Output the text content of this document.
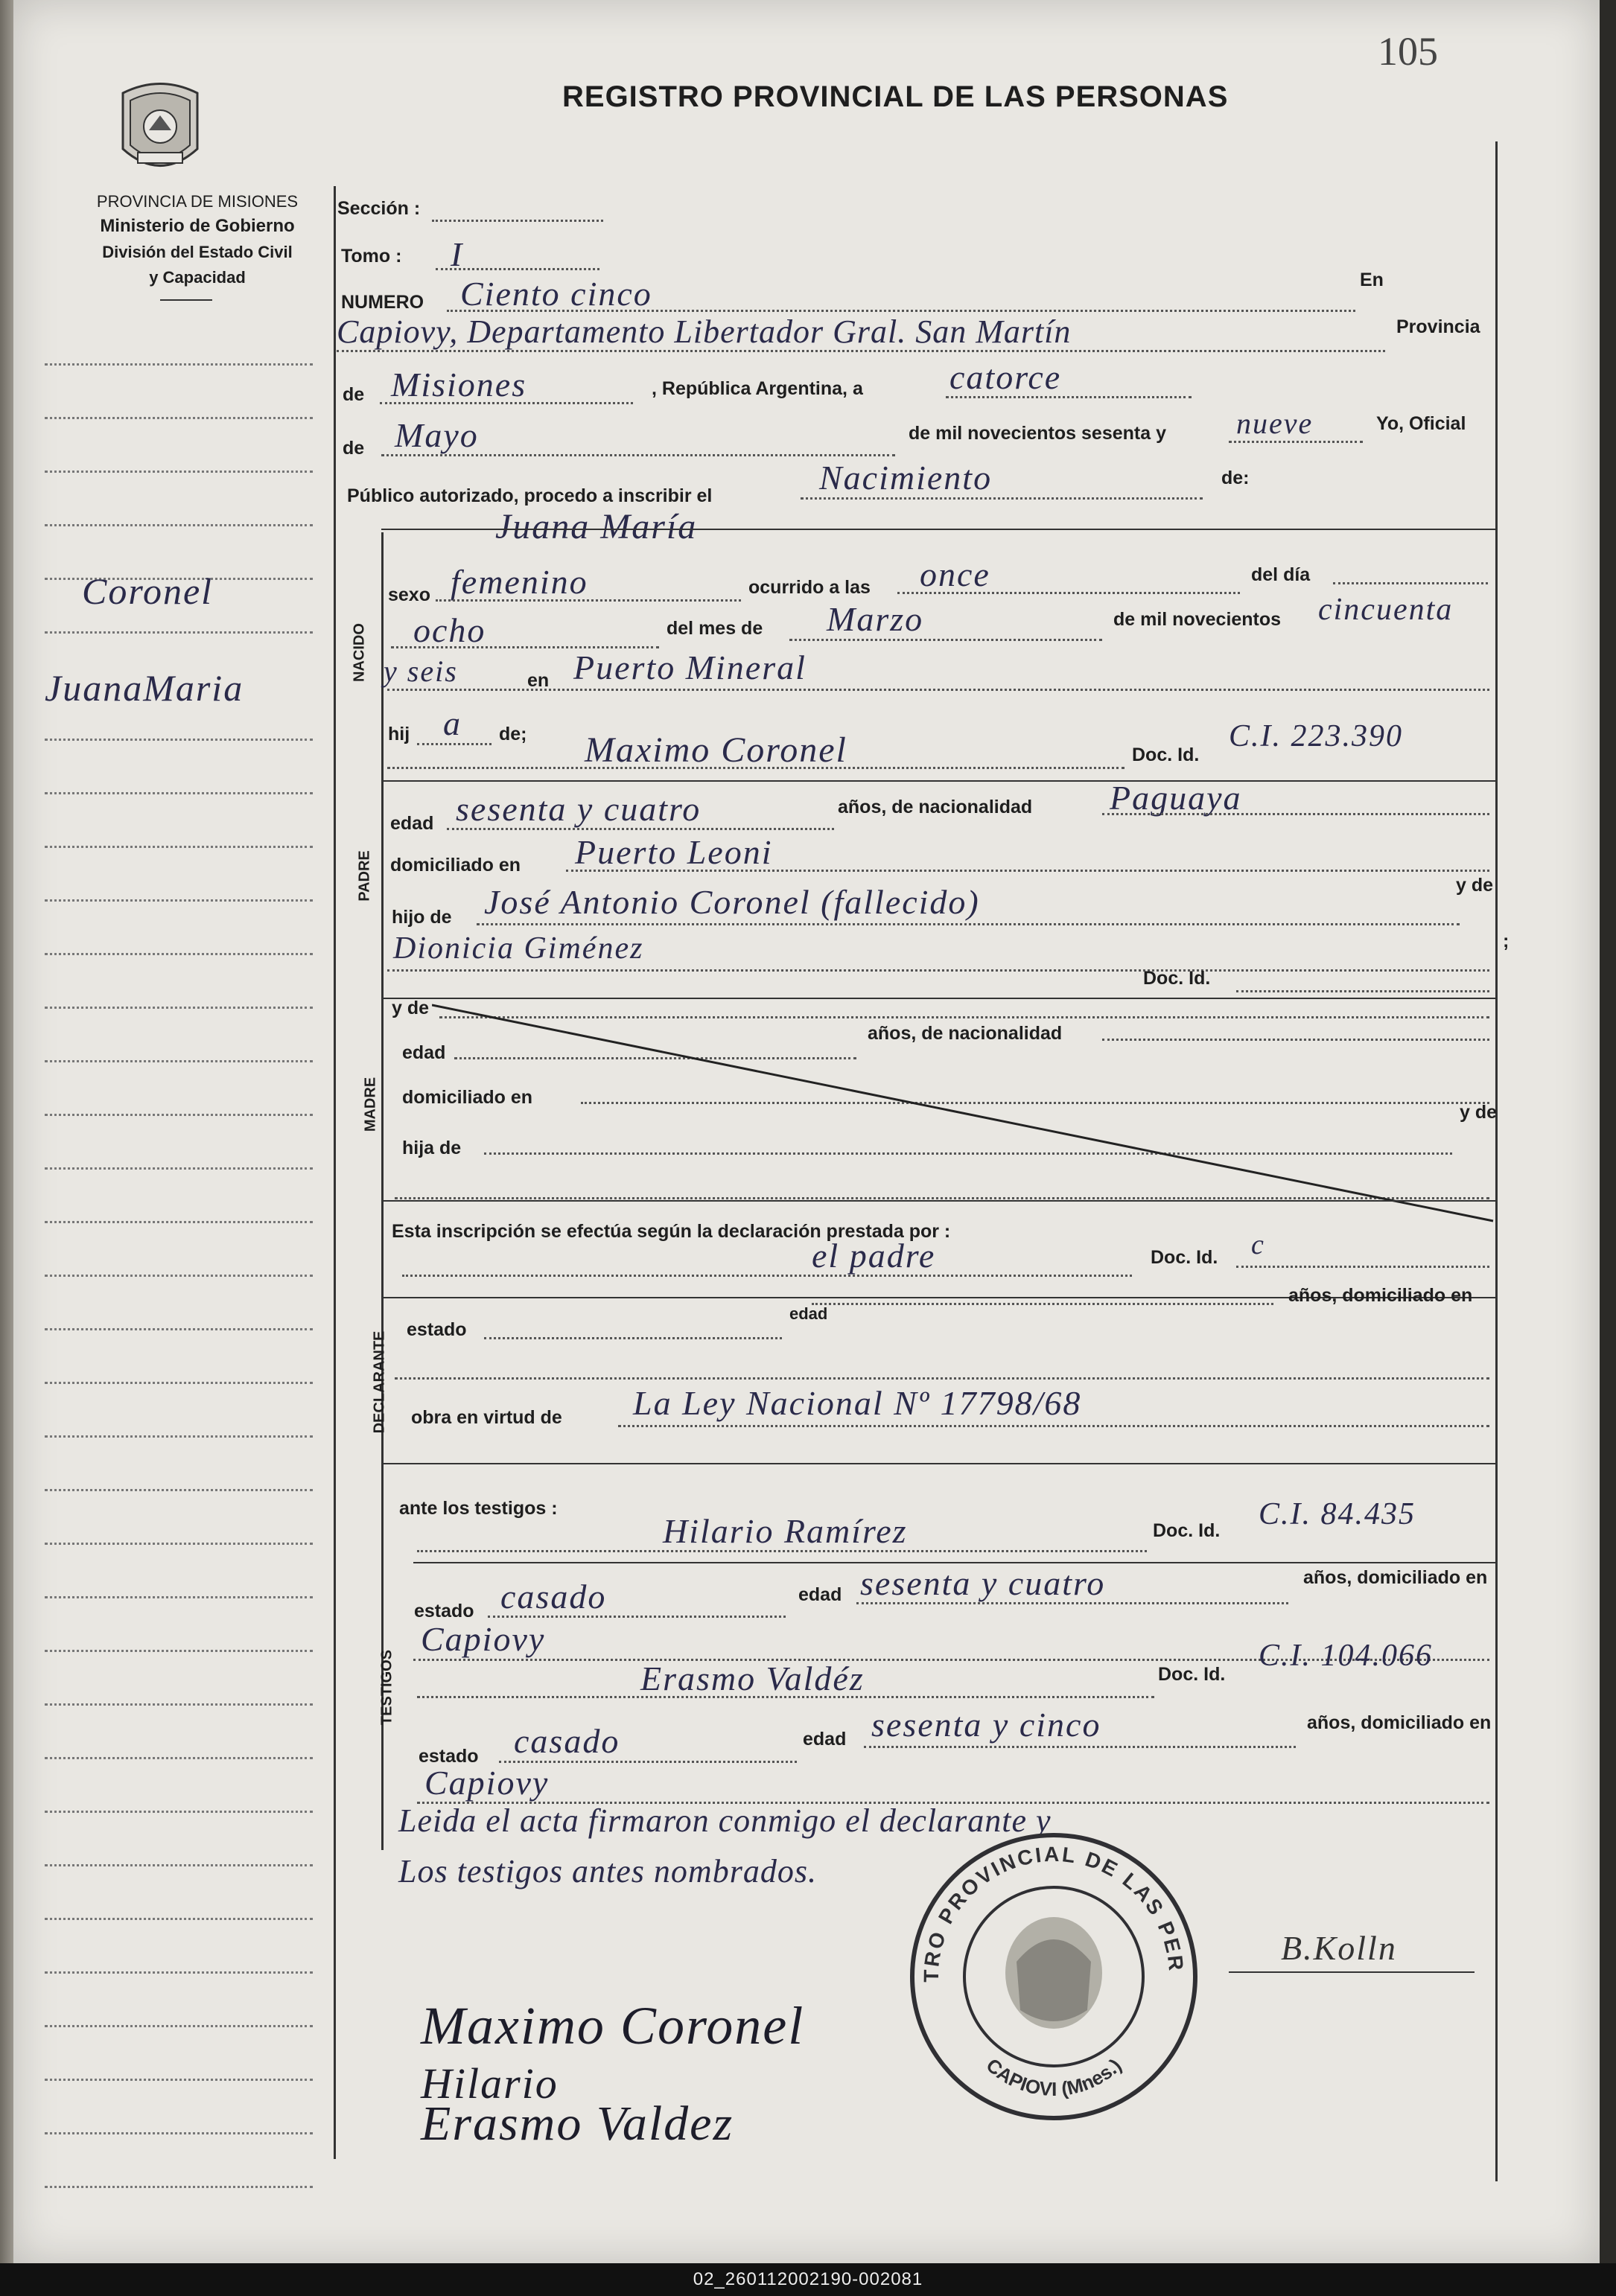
105
PROVINCIA DE MISIONES
Ministerio de Gobierno
División del Estado Civil
y Capacidad
REGISTRO PROVINCIAL DE LAS PERSONAS
Coronel
JuanaMaria
NACIDO
PADRE
MADRE
DECLARANTE
TESTIGOS
Sección :
Tomo : I
NUMERO Ciento cinco	En
Capiovy, Departamento Libertador Gral. San Martín	Provincia
de Misiones	, República Argentina, a	catorce
de Mayo	de mil novecientos sesenta y nueve	Yo, Oficial
Público autorizado, procedo a inscribir el	Nacimiento	de:
Juana María
sexo femenino	ocurrido a las once	del día
ocho	del mes de Marzo	de mil novecientos cincuenta
y seis	en Puerto Mineral
hij a de; Maximo Coronel	Doc. Id.
C.I. 223.390
edad sesenta y cuatro	años, de nacionalidad Paguaya
domiciliado en Puerto Leoni
hijo de José Antonio Coronel (fallecido)	y de
Dionicia Giménez	;
Doc. Id.
y de
edad
años, de nacionalidad
domiciliado en
hija de
y de
Esta inscripción se efectúa según la declaración prestada por :
el padre	Doc. Id. c
años, domiciliado en
edad
estado
obra en virtud de La Ley Nacional Nº 17798/68
ante los testigos :
Hilario Ramírez	Doc. Id. C.I. 84.435
estado casado	edad sesenta y cuatro	años, domiciliado en
Capiovy
Erasmo Valdéz	Doc. Id.
C.I. 104.066
estado casado	edad sesenta y cinco	años, domiciliado en
Capiovy
Leida el acta firmaron conmigo el declarante y
Los testigos antes nombrados.
TRO PROVINCIAL DE LAS PER
CAPIOVI (Mnes.)
B.Kolln
Maximo Coronel
Hilario
Erasmo Valdez
02_260112002190-002081
